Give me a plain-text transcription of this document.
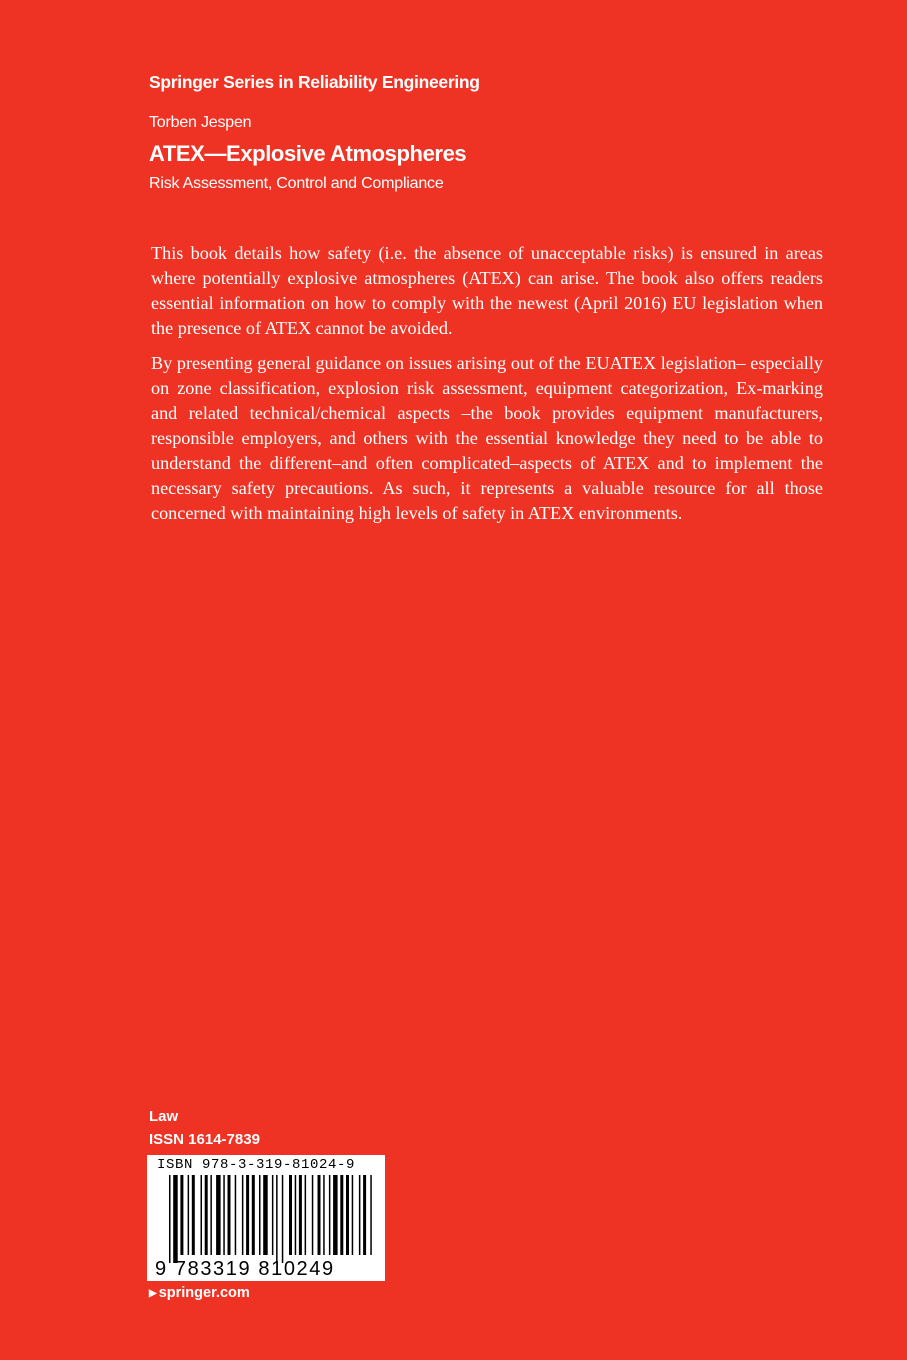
Springer Series in Reliability Engineering
Torben Jespen
ATEX—Explosive Atmospheres
Risk Assessment, Control and Compliance

This book details how safety (i.e. the absence of unacceptable risks) is ensured in areas where potentially explosive atmospheres (ATEX) can arise. The book also offers readers essential information on how to comply with the newest (April 2016) EU legislation when the presence of ATEX cannot be avoided.

By presenting general guidance on issues arising out of the EUATEX legislation– especially on zone classification, explosion risk assessment, equipment categorization, Ex-marking and related technical/chemical aspects –the book provides equipment manufacturers, responsible employers, and others with the essential knowledge they need to be able to understand the different–and often complicated–aspects of ATEX and to implement the necessary safety precautions. As such, it represents a valuable resource for all those concerned with maintaining high levels of safety in ATEX environments.

Law
ISSN 1614-7839
ISBN 978-3-319-81024-9
9 783319 810249
▶ springer.com
